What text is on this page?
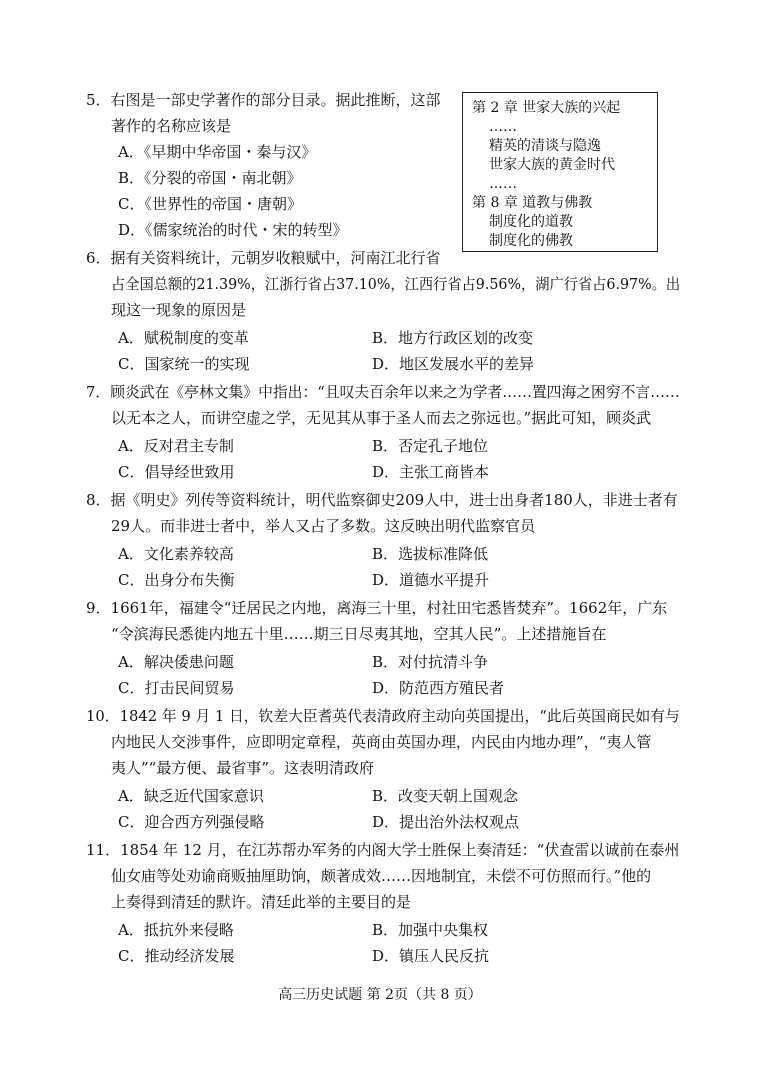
5．右图是一部史学著作的部分目录。据此推断，这部
著作的名称应该是
A．《早期中华帝国・秦与汉》
B．《分裂的帝国・南北朝》
C．《世界性的帝国・唐朝》
D．《儒家统治的时代・宋的转型》
第 2 章 世家大族的兴起
……
精英的清谈与隐逸
世家大族的黄金时代
……
第 8 章 道教与佛教
制度化的道教
制度化的佛教
6．据有关资料统计，元朝岁收粮赋中，河南江北行省
占全国总额的21.39%，江浙行省占37.10%，江西行省占9.56%，湖广行省占6.97%。出
现这一现象的原因是
A．赋税制度的变革	B．地方行政区划的改变
C．国家统一的实现	D．地区发展水平的差异
7．顾炎武在《亭林文集》中指出：“且叹夫百余年以来之为学者……置四海之困穷不言……
以无本之人，而讲空虚之学，无见其从事于圣人而去之弥远也。”据此可知，顾炎武
A．反对君主专制	B．否定孔子地位
C．倡导经世致用	D．主张工商皆本
8．据《明史》列传等资料统计，明代监察御史209人中，进士出身者180人，非进士者有
29人。而非进士者中，举人又占了多数。这反映出明代监察官员
A．文化素养较高	B．选拔标准降低
C．出身分布失衡	D．道德水平提升
9．1661年，福建令“迁居民之内地，离海三十里，村社田宅悉皆焚弃”。1662年，广东
“令滨海民悉徙内地五十里……期三日尽夷其地，空其人民”。上述措施旨在
A．解决倭患问题	B．对付抗清斗争
C．打击民间贸易	D．防范西方殖民者
10．1842 年 9 月 1 日，钦差大臣耆英代表清政府主动向英国提出，“此后英国商民如有与
内地民人交涉事件，应即明定章程，英商由英国办理，内民由内地办理”，“夷人管
夷人”“最方便、最省事”。这表明清政府
A．缺乏近代国家意识	B．改变天朝上国观念
C．迎合西方列强侵略	D．提出治外法权观点
11．1854 年 12 月，在江苏帮办军务的内阁大学士胜保上奏清廷：“伏查雷以诚前在泰州
仙女庙等处劝谕商贩抽厘助饷，颇著成效……因地制宜，未偿不可仿照而行。”他的
上奏得到清廷的默许。清廷此举的主要目的是
A．抵抗外来侵略	B．加强中央集权
C．推动经济发展	D．镇压人民反抗
高三历史试题 第 2页（共 8 页）
